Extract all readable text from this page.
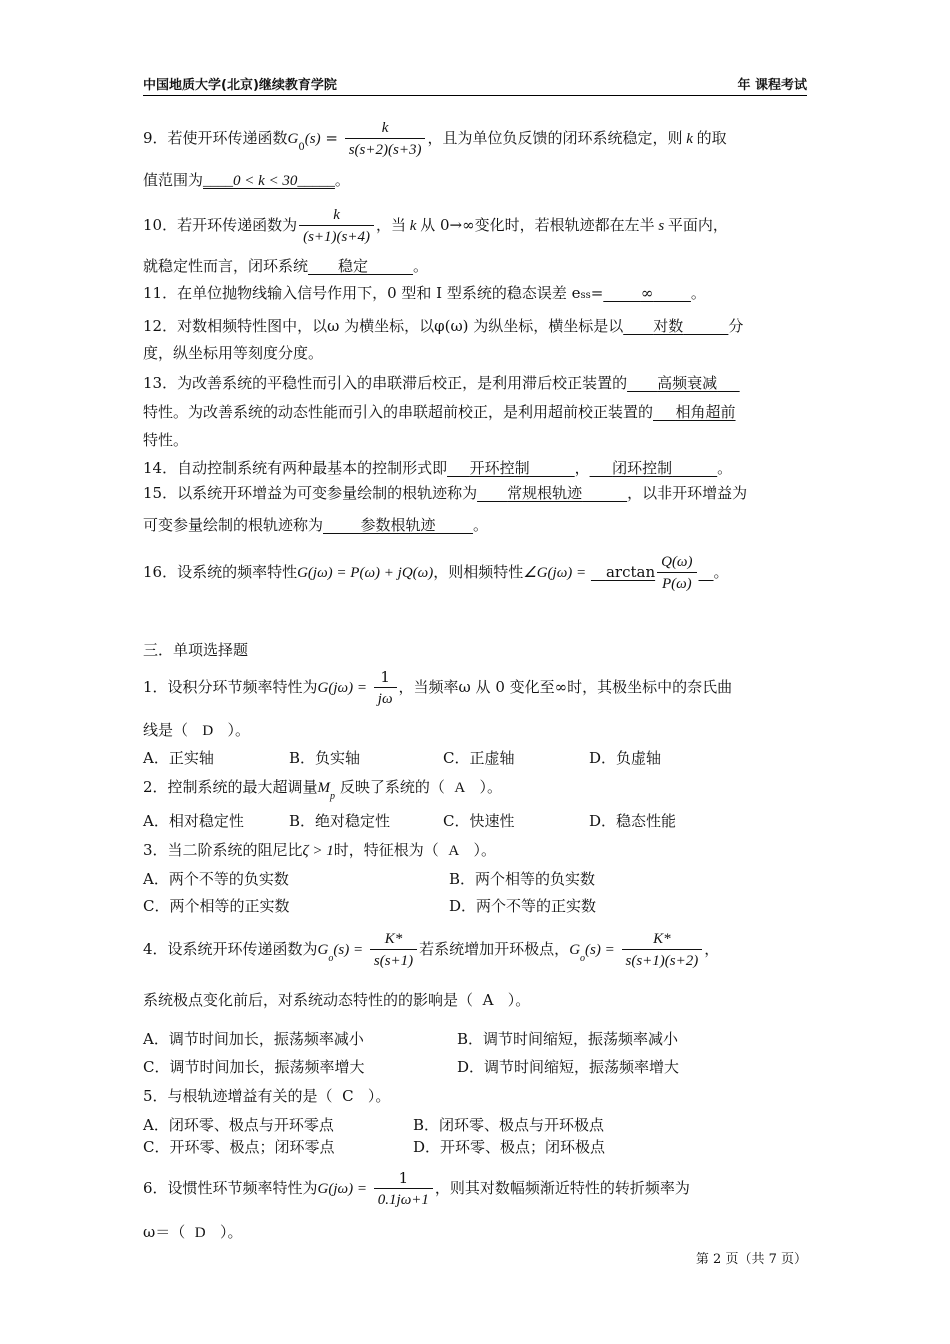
中国地质大学(北京)继续教育学院	年 课程考试
9．若使开环传递函数$G_0(s) = \frac{k}{s(s+2)(s+3)}$ ，且为单位负反馈的闭环系统稳定，则 k 的取
值范围为____0 < k < 30_____。
10．若开环传递函数为 $\frac{k}{(s+1)(s+4)}$ ，当 k 从 0→∞变化时，若根轨迹都在左半 s 平面内，
就稳定性而言，闭环系统____稳定______。
11．在单位抛物线输入信号作用下，0 型和 I 型系统的稳态误差 ess=_____∞_____。
12．对数相频特性图中，以ω 为横坐标，以φ(ω) 为纵坐标，横坐标是以____对数______分
度，纵坐标用等刻度分度。
13．为改善系统的平稳性而引入的串联滞后校正，是利用滞后校正装置的____高频衰减___
特性。为改善系统的动态性能而引入的串联超前校正，是利用超前校正装置的___相角超前
特性。
14．自动控制系统有两种最基本的控制形式即___开环控制______，___闭环控制______。
15．以系统开环增益为可变参量绘制的根轨迹称为____常规根轨迹______，以非开环增益为
可变参量绘制的根轨迹称为_____参数根轨迹_____。
16．设系统的频率特性G(jω) = P(ω) + jQ(ω)，则相频特性∠G(jω) = __arctan $\frac{Q(\omega)}{P(\omega)}$ __。
三．单项选择题
1．设积分环节频率特性为$G(j\omega) = \frac{1}{j\omega}$ ，当频率ω 从 0 变化至∞时，其极坐标中的奈氏曲
线是（ D ）。
A．正实轴	B．负实轴	C．正虚轴	D．负虚轴
2．控制系统的最大超调量$M_p$ 反映了系统的（ A ）。
A．相对稳定性	B．绝对稳定性	C．快速性	D．稳态性能
3．当二阶系统的阻尼比ζ > 1时，特征根为（ A ）。
A．两个不等的负实数	B．两个相等的负实数
C．两个相等的正实数	D．两个不等的正实数
4．设系统开环传递函数为$G_o(s) = \frac{K*}{s(s+1)}$ 若系统增加开环极点，$G_o(s) = \frac{K*}{s(s+1)(s+2)}$ ，
系统极点变化前后，对系统动态特性的的影响是（ A ）。
A．调节时间加长，振荡频率减小	B．调节时间缩短，振荡频率减小
C．调节时间加长，振荡频率增大	D．调节时间缩短，振荡频率增大
5．与根轨迹增益有关的是（ C ）。
A．闭环零、极点与开环零点	B．闭环零、极点与开环极点
C．开环零、极点；闭环零点	D．开环零、极点；闭环极点
6．设惯性环节频率特性为$G(j\omega) = \frac{1}{0.1j\omega+1}$ ，则其对数幅频渐近特性的转折频率为
ω＝（ D ）。
第 2 页（共 7 页）
